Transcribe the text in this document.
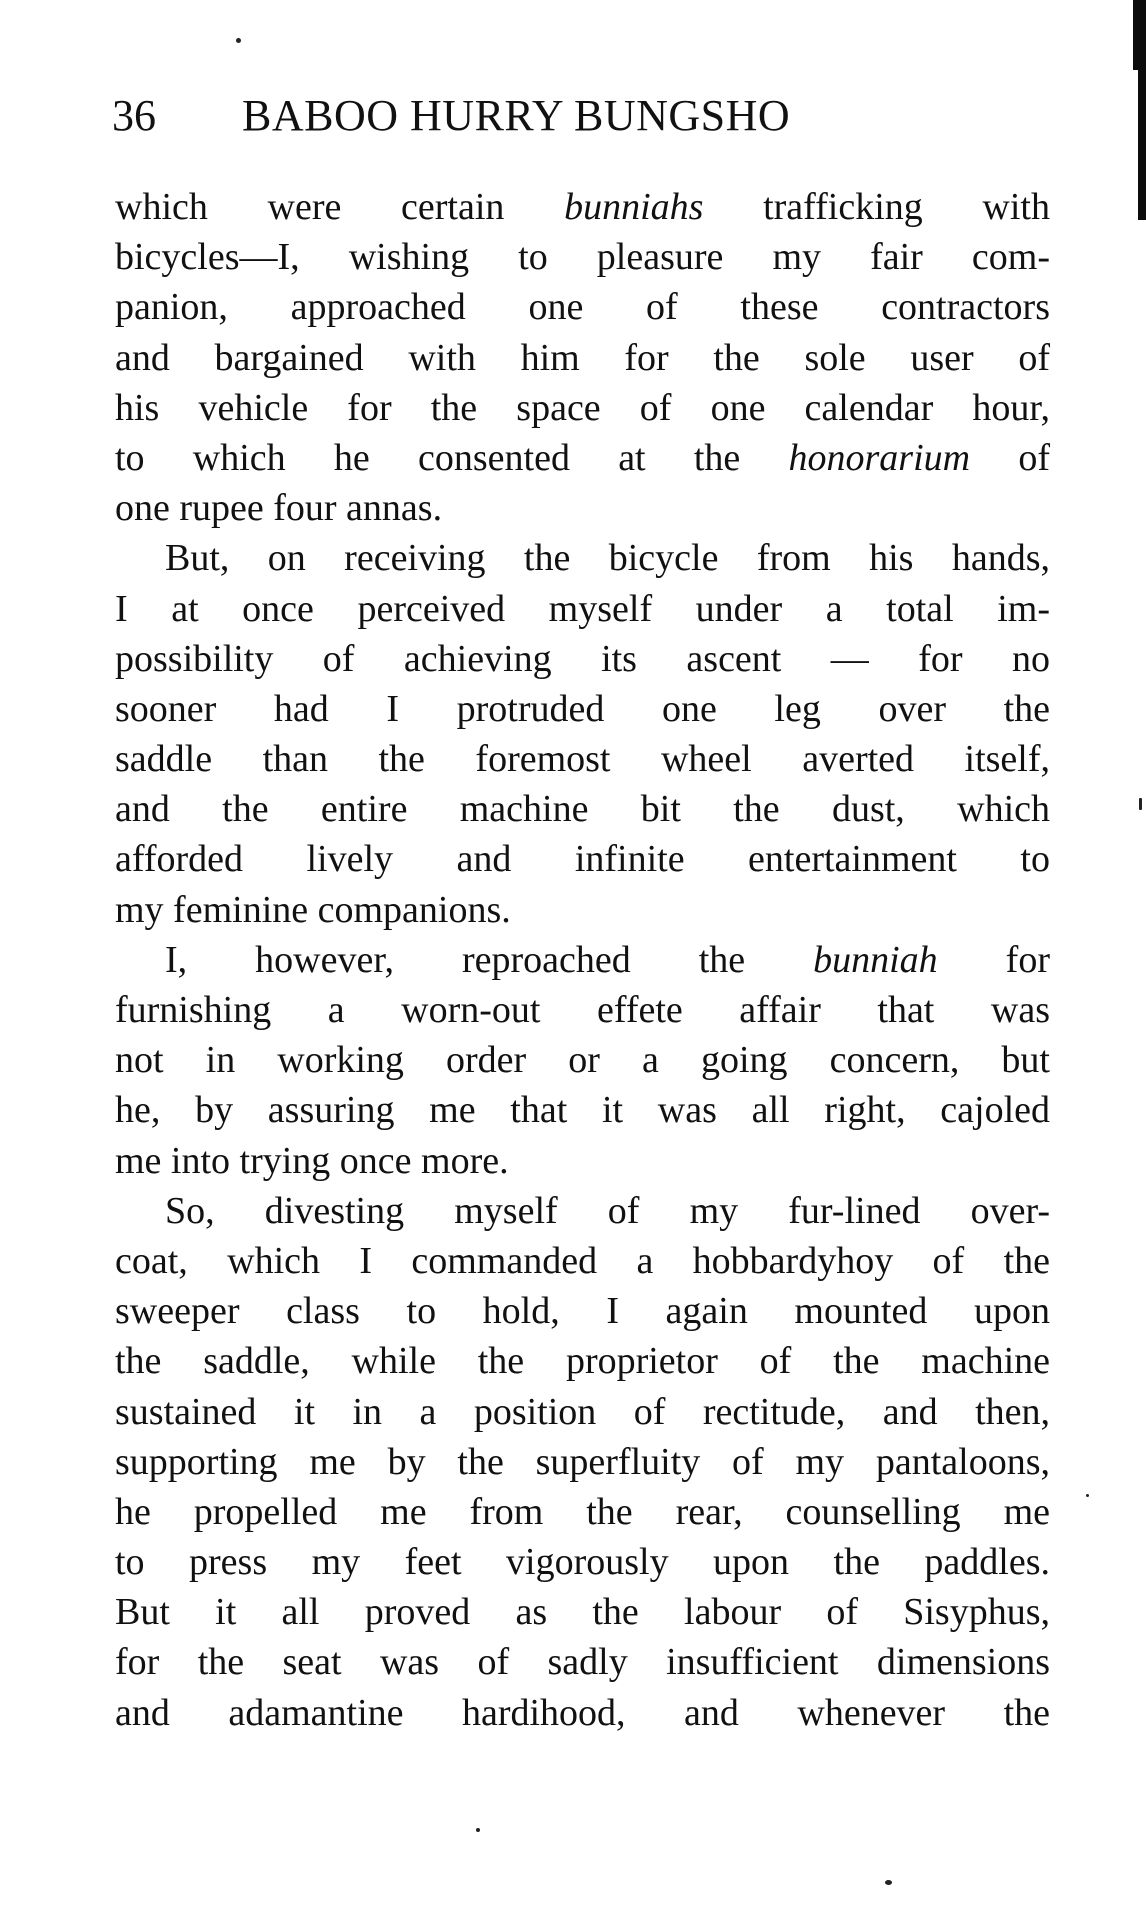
36 BABOO HURRY BUNGSHO
which were certain bunniahs trafficking with
bicycles—I, wishing to pleasure my fair com-
panion, approached one of these contractors
and bargained with him for the sole user of
his vehicle for the space of one calendar hour,
to which he consented at the honorarium of
one rupee four annas.
But, on receiving the bicycle from his hands,
I at once perceived myself under a total im-
possibility of achieving its ascent — for no
sooner had I protruded one leg over the
saddle than the foremost wheel averted itself,
and the entire machine bit the dust, which
afforded lively and infinite entertainment to
my feminine companions.
I, however, reproached the bunniah for
furnishing a worn-out effete affair that was
not in working order or a going concern, but
he, by assuring me that it was all right, cajoled
me into trying once more.
So, divesting myself of my fur-lined over-
coat, which I commanded a hobbardyhoy of the
sweeper class to hold, I again mounted upon
the saddle, while the proprietor of the machine
sustained it in a position of rectitude, and then,
supporting me by the superfluity of my pantaloons,
he propelled me from the rear, counselling me
to press my feet vigorously upon the paddles.
But it all proved as the labour of Sisyphus,
for the seat was of sadly insufficient dimensions
and adamantine hardihood, and whenever the
